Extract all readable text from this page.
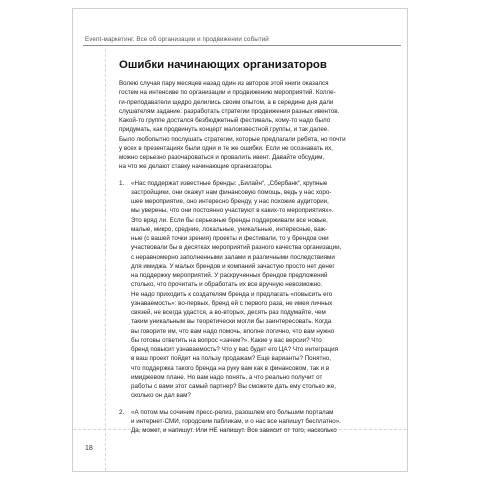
Event-маркетинг. Все об организации и продвижении событий
Ошибки начинающих организаторов
Волею случая пару месяцев назад один из авторов этой книги оказался
гостем на интенсиве по организации и продвижению мероприятий. Колле-
ги-преподаватели щедро делились своим опытом, а в середине дня дали
слушателям задание: разработать стратегии продвижения разных ивентов.
Какой-то группе достался безбюджетный фестиваль, кому-то надо было
придумать, как продвинуть концерт малоизвестной группы, и так далее.
Было любопытно послушать стратегии, которые предлагали ребята, но почти
у всех в презентациях были одни и те же ошибки. Если не осознавать их,
можно серьезно разочароваться и провалить ивент. Давайте обсудим,
на что же делают ставку начинающие организаторы.
1. «Нас поддержат известные бренды: „Билайн“, „Сбербанк“, крупные
застройщики, они окажут нам финансовую помощь, ведь у нас хоро-
шее мероприятие, оно интересно бренду, у нас похожие аудитории,
мы уверены, что они постоянно участвуют в каких-то мероприятиях».
Это вряд ли. Если бы серьезные бренды поддерживали все новые,
малые, микро, средние, локальные, уникальные, интересные, важ-
ные (с вашей точки зрения) проекты и фестивали, то у брендов они
участвовали бы в десятках мероприятий разного качества организации,
с неравномерно заполненными залами и различными последствиями
для имиджа. У малых брендов и компаний зачастую просто нет денег
на поддержку мероприятий. У раскрученных брендов предложений
столько, что прочитать и обработать их все вручную невозможно.
Не надо приходить к создателям бренда и предлагать «повысить его
узнаваемость»: во-первых, бренд ей с первого раза, не имея личных
связей, не всегда удастся, а во-вторых, десять раз подумайте, чем
таким уникальным вы теоретически могли бы заинтересовать. Когда
вы говорите им, что вам надо помочь, вполне логично, что вам нужно
бы готовы ответить на вопрос «зачем?». Какие у вас версии? Что
бренд повысит узнаваемость? Что у вас будет его ЦА? Что интеграция
в ваш проект пойдет на пользу продажам? Еще варианты? Понятно,
что поддержка такого бренда на руку вам как в финансовом, так и в
имиджевом плане. Но вам надо понять, а что реально получит от
работы с вами этот самый партнер? Вы сможете дать ему столько же,
сколько он дал вам?
2. «А потом мы сочиним пресс-релиз, разошлем его большим порталам
и интернет-СМИ, городским пабликам, и о нас все напишут бесплатно».
Да, может, и напишут. Или НЕ напишут. Все зависит от того, насколько
18
